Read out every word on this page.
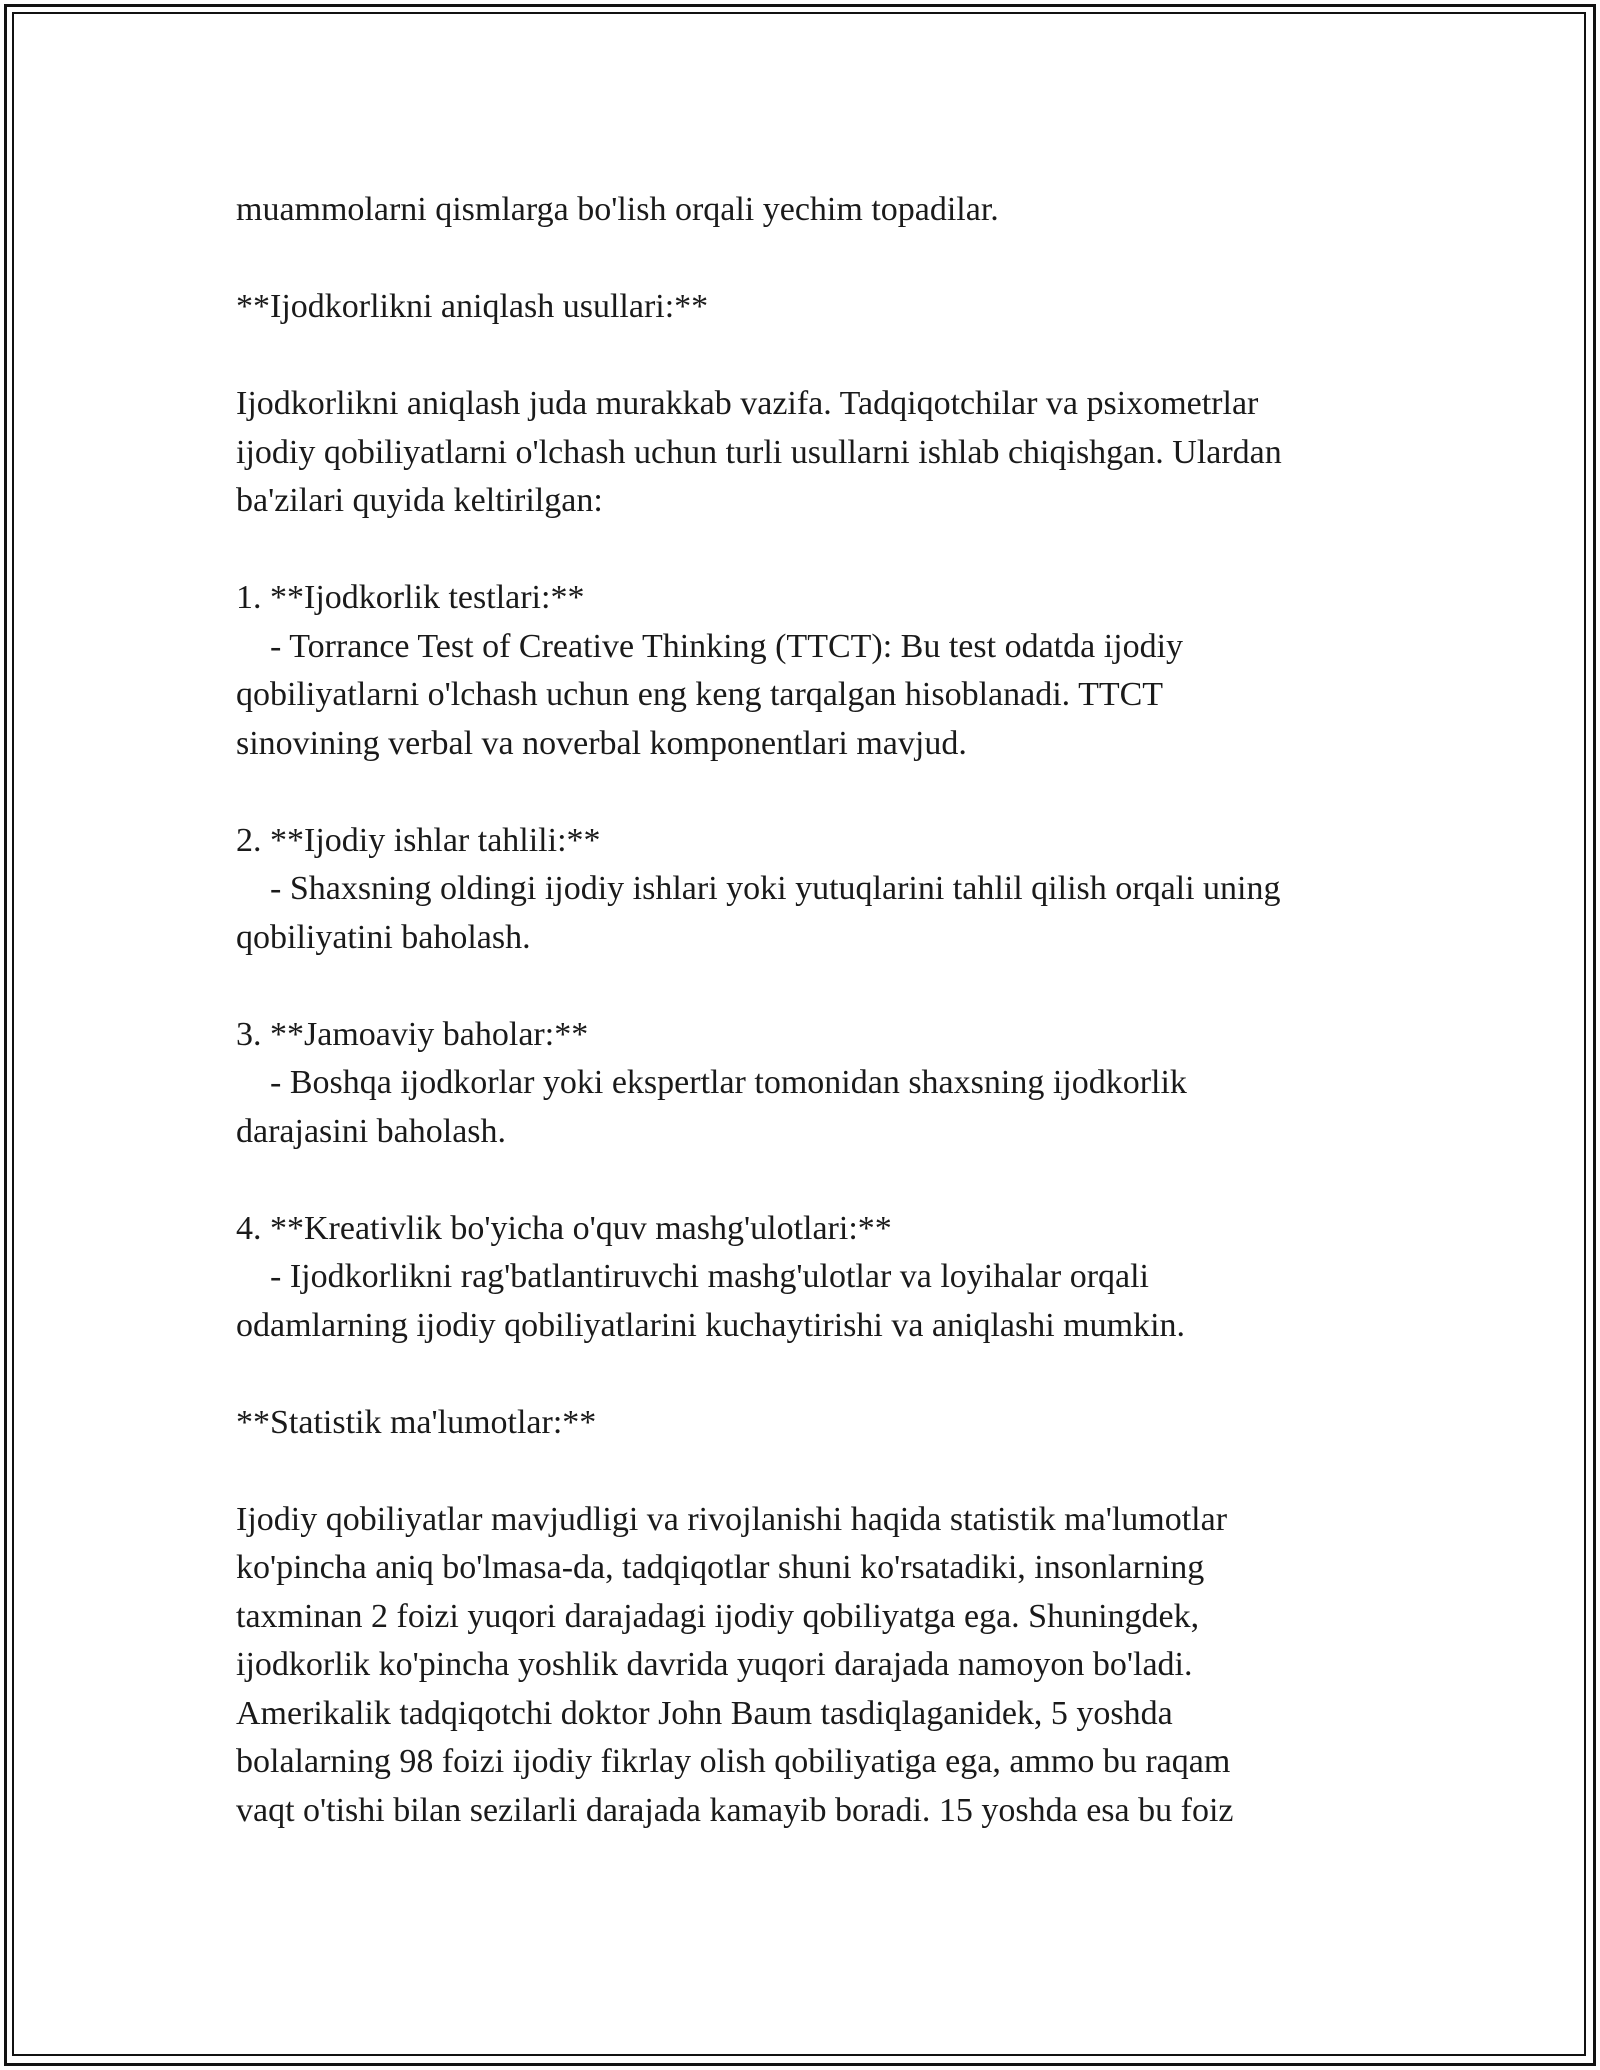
muammolarni qismlarga bo'lish orqali yechim topadilar.
**Ijodkorlikni aniqlash usullari:**
Ijodkorlikni aniqlash juda murakkab vazifa. Tadqiqotchilar va psixometrlar
ijodiy qobiliyatlarni o'lchash uchun turli usullarni ishlab chiqishgan. Ulardan
ba'zilari quyida keltirilgan:
1. **Ijodkorlik testlari:**
- Torrance Test of Creative Thinking (TTCT): Bu test odatda ijodiy
qobiliyatlarni o'lchash uchun eng keng tarqalgan hisoblanadi. TTCT
sinovining verbal va noverbal komponentlari mavjud.
2. **Ijodiy ishlar tahlili:**
- Shaxsning oldingi ijodiy ishlari yoki yutuqlarini tahlil qilish orqali uning
qobiliyatini baholash.
3. **Jamoaviy baholar:**
- Boshqa ijodkorlar yoki ekspertlar tomonidan shaxsning ijodkorlik
darajasini baholash.
4. **Kreativlik bo'yicha o'quv mashg'ulotlari:**
- Ijodkorlikni rag'batlantiruvchi mashg'ulotlar va loyihalar orqali
odamlarning ijodiy qobiliyatlarini kuchaytirishi va aniqlashi mumkin.
**Statistik ma'lumotlar:**
Ijodiy qobiliyatlar mavjudligi va rivojlanishi haqida statistik ma'lumotlar
ko'pincha aniq bo'lmasa-da, tadqiqotlar shuni ko'rsatadiki, insonlarning
taxminan 2 foizi yuqori darajadagi ijodiy qobiliyatga ega. Shuningdek,
ijodkorlik ko'pincha yoshlik davrida yuqori darajada namoyon bo'ladi.
Amerikalik tadqiqotchi doktor John Baum tasdiqlaganidek, 5 yoshda
bolalarning 98 foizi ijodiy fikrlay olish qobiliyatiga ega, ammo bu raqam
vaqt o'tishi bilan sezilarli darajada kamayib boradi. 15 yoshda esa bu foiz
